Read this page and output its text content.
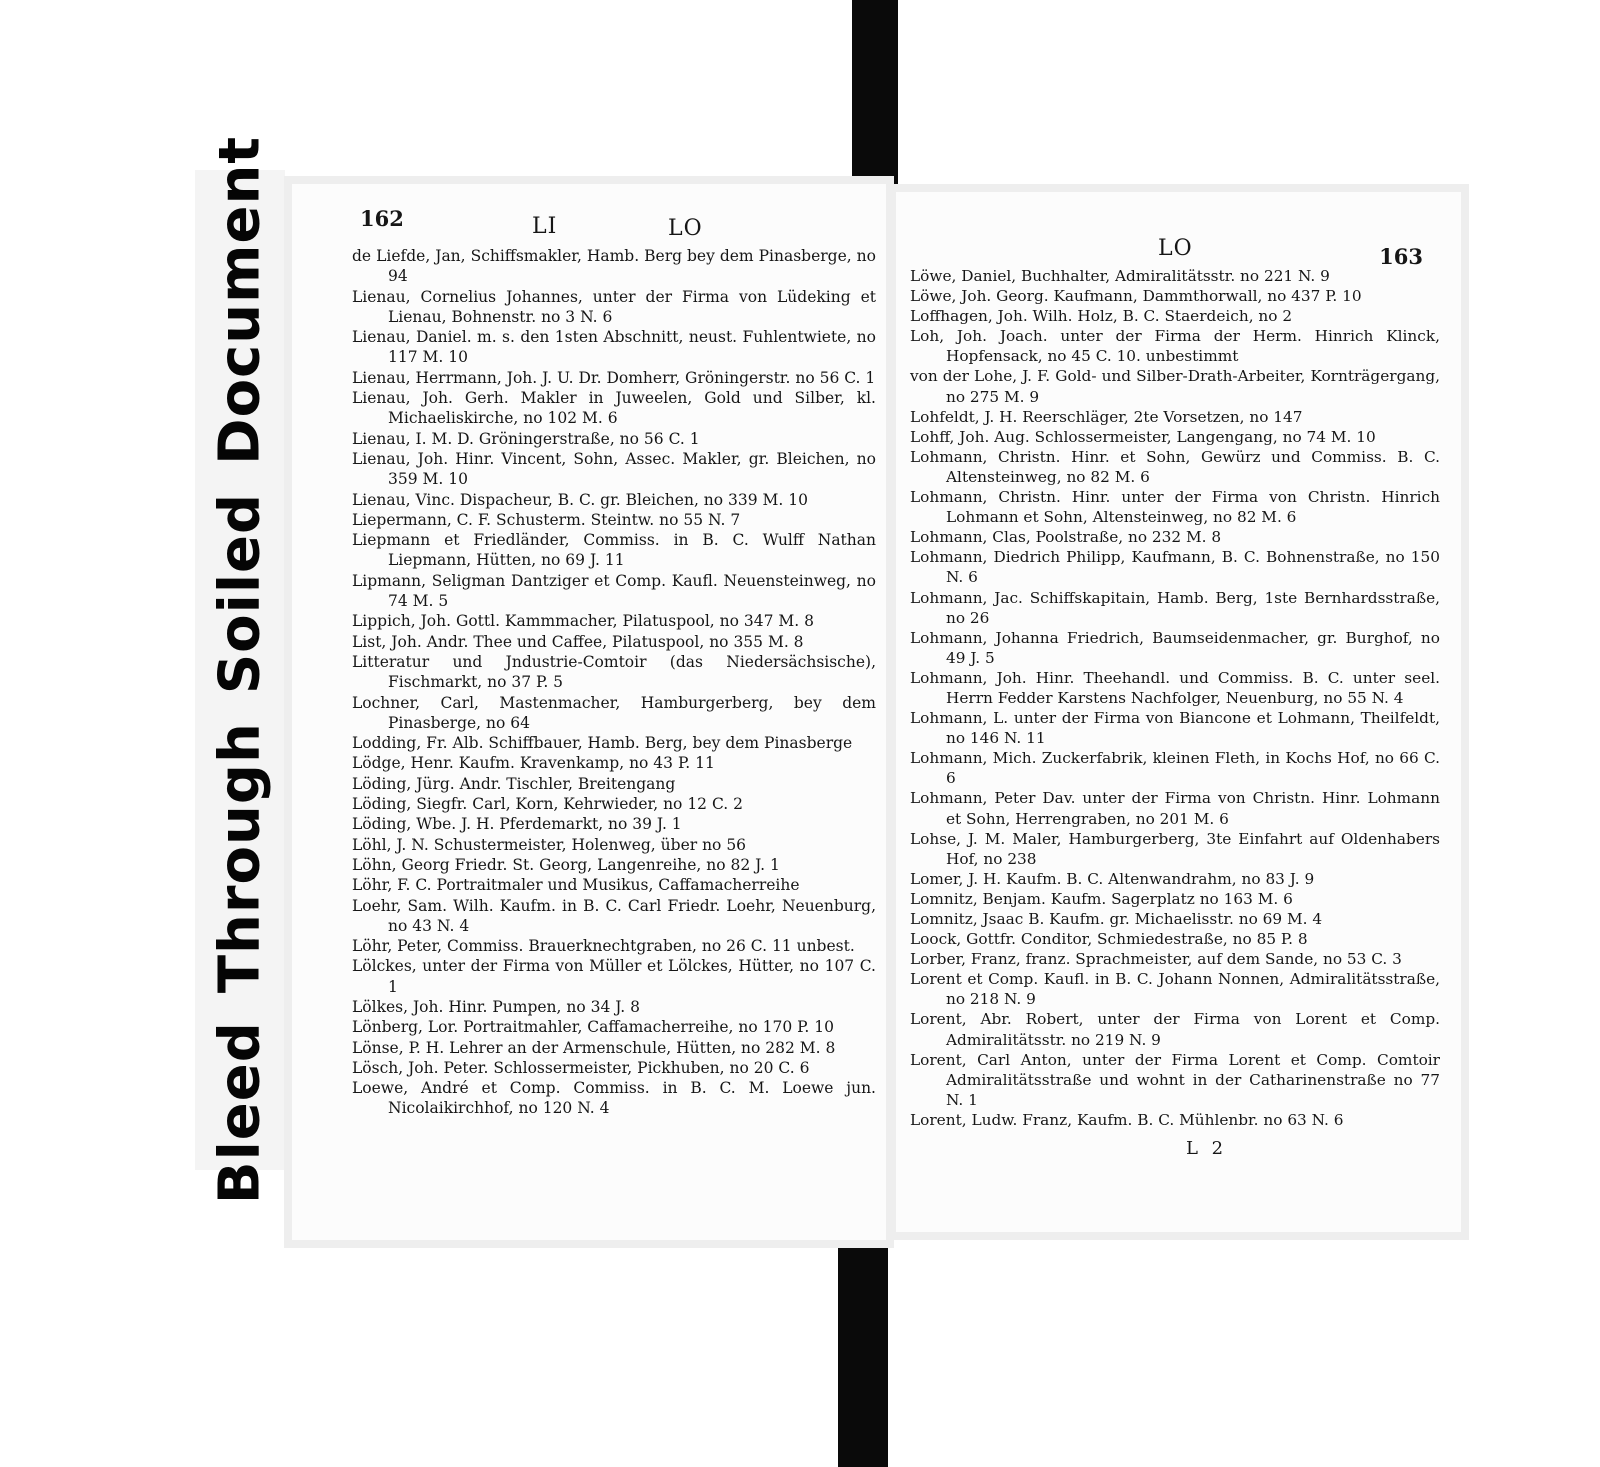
BleedThroughSoiledDocument	162	LI	LO
de Liefde, Jan, Schiffsmakler, Hamb. Berg bey dem Pinasberge, no 94
Lienau, Cornelius Johannes, unter der Firma von Lüdeking et Lienau, Bohnenstr. no 3 N. 6
Lienau, Daniel. m. s. den 1sten Abschnitt, neust. Fuhlentwiete, no 117 M. 10
Lienau, Herrmann, Joh. J. U. Dr. Domherr, Gröningerstr. no 56 C. 1
Lienau, Joh. Gerh. Makler in Juweelen, Gold und Silber, kl. Michaeliskirche, no 102 M. 6
Lienau, I. M. D. Gröningerstraße, no 56 C. 1
Lienau, Joh. Hinr. Vincent, Sohn, Assec. Makler, gr. Bleichen, no 359 M. 10
Lienau, Vinc. Dispacheur, B. C. gr. Bleichen, no 339 M. 10
Liepermann, C. F. Schusterm. Steintw. no 55 N. 7
Liepmann et Friedländer, Commiss. in B. C. Wulff Nathan Liepmann, Hütten, no 69 J. 11
Lipmann, Seligman Dantziger et Comp. Kaufl. Neuensteinweg, no 74 M. 5
Lippich, Joh. Gottl. Kammmacher, Pilatuspool, no 347 M. 8
List, Joh. Andr. Thee und Caffee, Pilatuspool, no 355 M. 8
Litteratur und Jndustrie-Comtoir (das Niedersächsische), Fischmarkt, no 37 P. 5
Lochner, Carl, Mastenmacher, Hamburgerberg, bey dem Pinasberge, no 64
Lodding, Fr. Alb. Schiffbauer, Hamb. Berg, bey dem Pinasberge
Lödge, Henr. Kaufm. Kravenkamp, no 43 P. 11
Löding, Jürg. Andr. Tischler, Breitengang
Löding, Siegfr. Carl, Korn, Kehrwieder, no 12 C. 2
Löding, Wbe. J. H. Pferdemarkt, no 39 J. 1
Löhl, J. N. Schustermeister, Holenweg, über no 56
Löhn, Georg Friedr. St. Georg, Langenreihe, no 82 J. 1
Löhr, F. C. Portraitmaler und Musikus, Caffamacherreihe
Loehr, Sam. Wilh. Kaufm. in B. C. Carl Friedr. Loehr, Neuenburg, no 43 N. 4
Löhr, Peter, Commiss. Brauerknechtgraben, no 26 C. 11 unbest.
Lölckes, unter der Firma von Müller et Lölckes, Hütter, no 107 C. 1
Lölkes, Joh. Hinr. Pumpen, no 34 J. 8
Lönberg, Lor. Portraitmahler, Caffamacherreihe, no 170 P. 10
Lönse, P. H. Lehrer an der Armenschule, Hütten, no 282 M. 8
Lösch, Joh. Peter. Schlossermeister, Pickhuben, no 20 C. 6
Loewe, André et Comp. Commiss. in B. C. M. Loewe jun. Nicolaikirchhof, no 120 N. 4
LO	163
Löwe, Daniel, Buchhalter, Admiralitätsstr. no 221 N. 9
Löwe, Joh. Georg. Kaufmann, Dammthorwall, no 437 P. 10
Loffhagen, Joh. Wilh. Holz, B. C. Staerdeich, no 2
Loh, Joh. Joach. unter der Firma der Herm. Hinrich Klinck, Hopfensack, no 45 C. 10. unbestimmt
von der Lohe, J. F. Gold- und Silber-Drath-Arbeiter, Kornträgergang, no 275 M. 9
Lohfeldt, J. H. Reerschläger, 2te Vorsetzen, no 147
Lohff, Joh. Aug. Schlossermeister, Langengang, no 74 M. 10
Lohmann, Christn. Hinr. et Sohn, Gewürz und Commiss. B. C. Altensteinweg, no 82 M. 6
Lohmann, Christn. Hinr. unter der Firma von Christn. Hinrich Lohmann et Sohn, Altensteinweg, no 82 M. 6
Lohmann, Clas, Poolstraße, no 232 M. 8
Lohmann, Diedrich Philipp, Kaufmann, B. C. Bohnenstraße, no 150 N. 6
Lohmann, Jac. Schiffskapitain, Hamb. Berg, 1ste Bernhardsstraße, no 26
Lohmann, Johanna Friedrich, Baumseidenmacher, gr. Burghof, no 49 J. 5
Lohmann, Joh. Hinr. Theehandl. und Commiss. B. C. unter seel. Herrn Fedder Karstens Nachfolger, Neuenburg, no 55 N. 4
Lohmann, L. unter der Firma von Biancone et Lohmann, Theilfeldt, no 146 N. 11
Lohmann, Mich. Zuckerfabrik, kleinen Fleth, in Kochs Hof, no 66 C. 6
Lohmann, Peter Dav. unter der Firma von Christn. Hinr. Lohmann et Sohn, Herrengraben, no 201 M. 6
Lohse, J. M. Maler, Hamburgerberg, 3te Einfahrt auf Oldenhabers Hof, no 238
Lomer, J. H. Kaufm. B. C. Altenwandrahm, no 83 J. 9
Lomnitz, Benjam. Kaufm. Sagerplatz no 163 M. 6
Lomnitz, Jsaac B. Kaufm. gr. Michaelisstr. no 69 M. 4
Loock, Gottfr. Conditor, Schmiedestraße, no 85 P. 8
Lorber, Franz, franz. Sprachmeister, auf dem Sande, no 53 C. 3
Lorent et Comp. Kaufl. in B. C. Johann Nonnen, Admiralitätsstraße, no 218 N. 9
Lorent, Abr. Robert, unter der Firma von Lorent et Comp. Admiralitätsstr. no 219 N. 9
Lorent, Carl Anton, unter der Firma Lorent et Comp. Comtoir Admiralitätsstraße und wohnt in der Catharinenstraße no 77 N. 1
Lorent, Ludw. Franz, Kaufm. B. C. Mühlenbr. no 63 N. 6
L 2
